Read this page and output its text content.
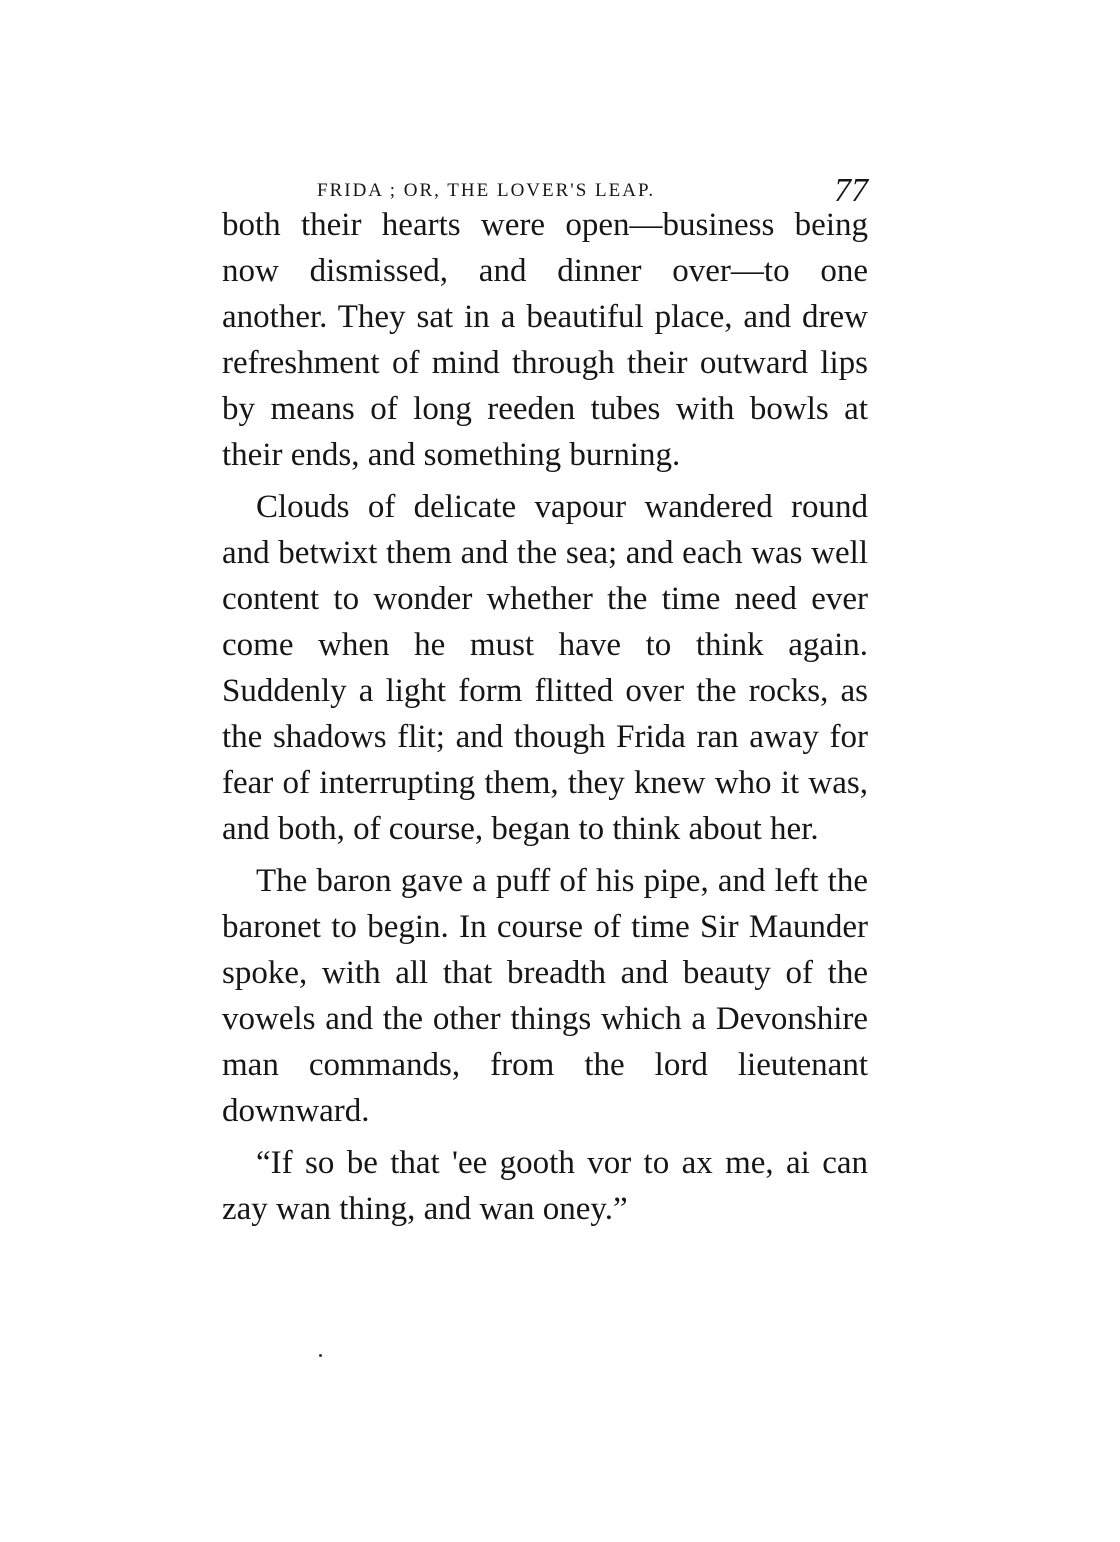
FRIDA ; OR, THE LOVER'S LEAP.	77

both their hearts were open—business being now dismissed, and dinner over—to one another. They sat in a beautiful place, and drew refreshment of mind through their outward lips by means of long reeden tubes with bowls at their ends, and something burning.

Clouds of delicate vapour wandered round and betwixt them and the sea; and each was well content to wonder whether the time need ever come when he must have to think again. Suddenly a light form flitted over the rocks, as the shadows flit; and though Frida ran away for fear of interrupting them, they knew who it was, and both, of course, began to think about her.

The baron gave a puff of his pipe, and left the baronet to begin. In course of time Sir Maunder spoke, with all that breadth and beauty of the vowels and the other things which a Devonshire man commands, from the lord lieutenant downward.

“If so be that 'ee gooth vor to ax me, ai can zay wan thing, and wan oney.”
